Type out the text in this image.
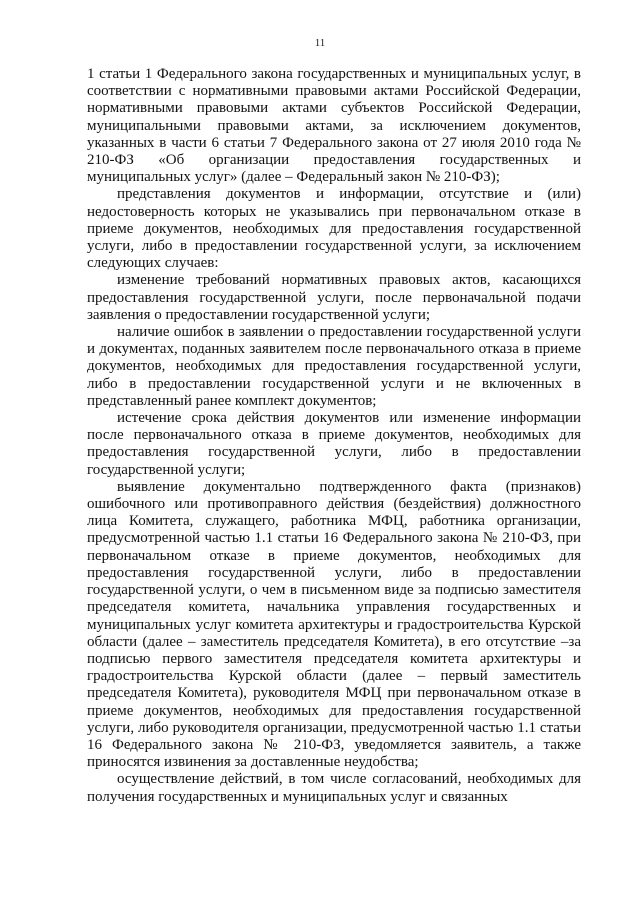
11

1 статьи 1 Федерального закона государственных и муниципальных услуг, в соответствии с нормативными правовыми актами Российской Федерации, нормативными правовыми актами субъектов Российской Федерации, муниципальными правовыми актами, за исключением документов, указанных в части 6 статьи 7 Федерального закона от 27 июля 2010 года № 210-ФЗ «Об организации предоставления государственных и муниципальных услуг» (далее – Федеральный закон № 210-ФЗ);

представления документов и информации, отсутствие и (или) недостоверность которых не указывались при первоначальном отказе в приеме документов, необходимых для предоставления государственной услуги, либо в предоставлении государственной услуги, за исключением следующих случаев:

изменение требований нормативных правовых актов, касающихся предоставления государственной услуги, после первоначальной подачи заявления о предоставлении государственной услуги;

наличие ошибок в заявлении о предоставлении государственной услуги и документах, поданных заявителем после первоначального отказа в приеме документов, необходимых для предоставления государственной услуги, либо в предоставлении государственной услуги и не включенных в представленный ранее комплект документов;

истечение срока действия документов или изменение информации после первоначального отказа в приеме документов, необходимых для предоставления государственной услуги, либо в предоставлении государственной услуги;

выявление документально подтвержденного факта (признаков) ошибочного или противоправного действия (бездействия) должностного лица Комитета, служащего, работника МФЦ, работника организации, предусмотренной частью 1.1 статьи 16 Федерального закона № 210-ФЗ, при первоначальном отказе в приеме документов, необходимых для предоставления государственной услуги, либо в предоставлении государственной услуги, о чем в письменном виде за подписью заместителя председателя комитета, начальника управления государственных и муниципальных услуг комитета архитектуры и градостроительства Курской области (далее – заместитель председателя Комитета), в его отсутствие –за подписью первого заместителя председателя комитета архитектуры и градостроительства Курской области (далее – первый заместитель председателя Комитета), руководителя МФЦ при первоначальном отказе в приеме документов, необходимых для предоставления государственной услуги, либо руководителя организации, предусмотренной частью 1.1 статьи 16 Федерального закона № 210-ФЗ, уведомляется заявитель, а также приносятся извинения за доставленные неудобства;

осуществление действий, в том числе согласований, необходимых для получения государственных и муниципальных услуг и связанных
